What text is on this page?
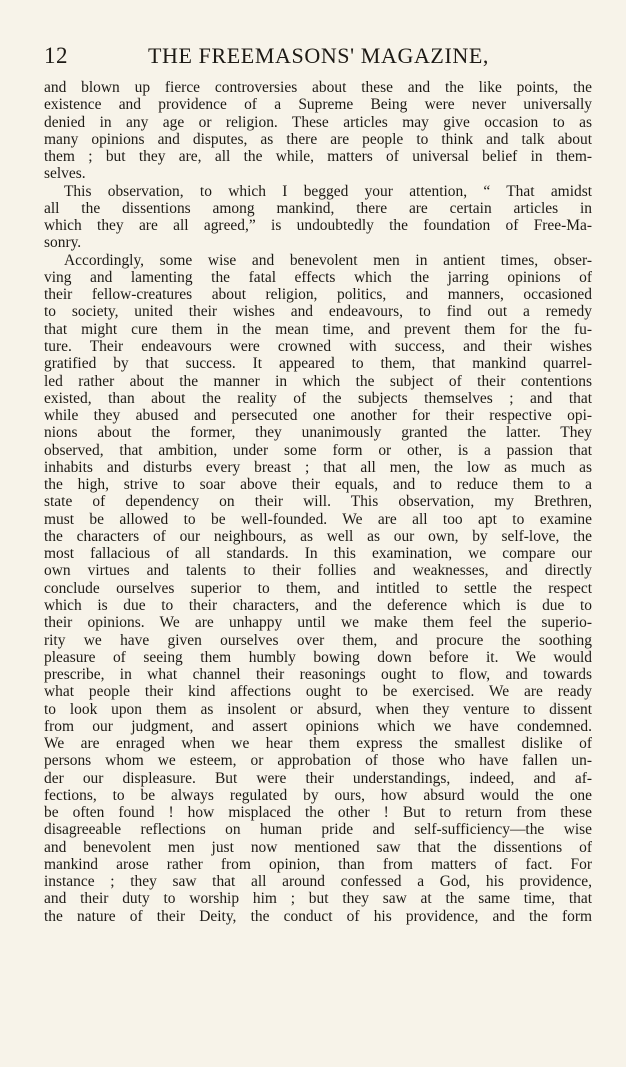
12	THE FREEMASONS' MAGAZINE,
and blown up fierce controversies about these and the like points, the
existence and providence of a Supreme Being were never universally
denied in any age or religion. These articles may give occasion to as
many opinions and disputes, as there are people to think and talk about
them ; but they are, all the while, matters of universal belief in them-
selves.
This observation, to which I begged your attention, “ That amidst
all the dissentions among mankind, there are certain articles in
which they are all agreed,” is undoubtedly the foundation of Free-Ma-
sonry.
Accordingly, some wise and benevolent men in antient times, obser-
ving and lamenting the fatal effects which the jarring opinions of
their fellow-creatures about religion, politics, and manners, occasioned
to society, united their wishes and endeavours, to find out a remedy
that might cure them in the mean time, and prevent them for the fu-
ture. Their endeavours were crowned with success, and their wishes
gratified by that success. It appeared to them, that mankind quarrel-
led rather about the manner in which the subject of their contentions
existed, than about the reality of the subjects themselves ; and that
while they abused and persecuted one another for their respective opi-
nions about the former, they unanimously granted the latter. They
observed, that ambition, under some form or other, is a passion that
inhabits and disturbs every breast ; that all men, the low as much as
the high, strive to soar above their equals, and to reduce them to a
state of dependency on their will. This observation, my Brethren,
must be allowed to be well-founded. We are all too apt to examine
the characters of our neighbours, as well as our own, by self-love, the
most fallacious of all standards. In this examination, we compare our
own virtues and talents to their follies and weaknesses, and directly
conclude ourselves superior to them, and intitled to settle the respect
which is due to their characters, and the deference which is due to
their opinions. We are unhappy until we make them feel the superio-
rity we have given ourselves over them, and procure the soothing
pleasure of seeing them humbly bowing down before it. We would
prescribe, in what channel their reasonings ought to flow, and towards
what people their kind affections ought to be exercised. We are ready
to look upon them as insolent or absurd, when they venture to dissent
from our judgment, and assert opinions which we have condemned.
We are enraged when we hear them express the smallest dislike of
persons whom we esteem, or approbation of those who have fallen un-
der our displeasure. But were their understandings, indeed, and af-
fections, to be always regulated by ours, how absurd would the one
be often found ! how misplaced the other ! But to return from these
disagreeable reflections on human pride and self-sufficiency—the wise
and benevolent men just now mentioned saw that the dissentions of
mankind arose rather from opinion, than from matters of fact. For
instance ; they saw that all around confessed a God, his providence,
and their duty to worship him ; but they saw at the same time, that
the nature of their Deity, the conduct of his providence, and the form
